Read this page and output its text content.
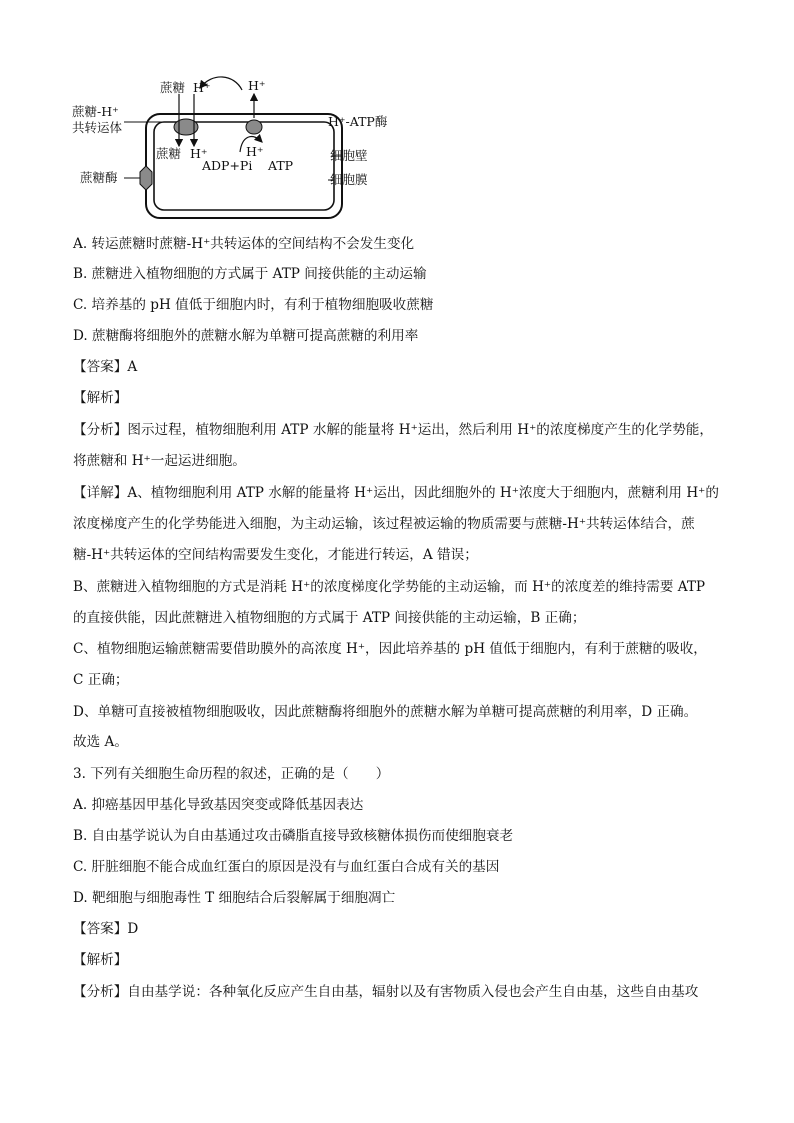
蔗糖 H⁺	H⁺
蔗糖-H⁺
共转运体	H⁺-ATP酶
细胞壁
细胞膜
蔗糖酶
蔗糖 H⁺	H⁺
ADP+Pi ATP
A. 转运蔗糖时蔗糖-H⁺共转运体的空间结构不会发生变化
B. 蔗糖进入植物细胞的方式属于 ATP 间接供能的主动运输
C. 培养基的 pH 值低于细胞内时，有利于植物细胞吸收蔗糖
D. 蔗糖酶将细胞外的蔗糖水解为单糖可提高蔗糖的利用率
【答案】A
【解析】
【分析】图示过程，植物细胞利用 ATP 水解的能量将 H⁺运出，然后利用 H⁺的浓度梯度产生的化学势能，
将蔗糖和 H⁺一起运进细胞。
【详解】A、植物细胞利用 ATP 水解的能量将 H⁺运出，因此细胞外的 H⁺浓度大于细胞内，蔗糖利用 H⁺的
浓度梯度产生的化学势能进入细胞，为主动运输，该过程被运输的物质需要与蔗糖-H⁺共转运体结合，蔗
糖-H⁺共转运体的空间结构需要发生变化，才能进行转运，A 错误；
B、蔗糖进入植物细胞的方式是消耗 H⁺的浓度梯度化学势能的主动运输，而 H⁺的浓度差的维持需要 ATP
的直接供能，因此蔗糖进入植物细胞的方式属于 ATP 间接供能的主动运输，B 正确；
C、植物细胞运输蔗糖需要借助膜外的高浓度 H⁺，因此培养基的 pH 值低于细胞内，有利于蔗糖的吸收，
C 正确；
D、单糖可直接被植物细胞吸收，因此蔗糖酶将细胞外的蔗糖水解为单糖可提高蔗糖的利用率，D 正确。
故选 A。
3. 下列有关细胞生命历程的叙述，正确的是（　　）
A. 抑癌基因甲基化导致基因突变或降低基因表达
B. 自由基学说认为自由基通过攻击磷脂直接导致核糖体损伤而使细胞衰老
C. 肝脏细胞不能合成血红蛋白的原因是没有与血红蛋白合成有关的基因
D. 靶细胞与细胞毒性 T 细胞结合后裂解属于细胞凋亡
【答案】D
【解析】
【分析】自由基学说：各种氧化反应产生自由基，辐射以及有害物质入侵也会产生自由基，这些自由基攻
